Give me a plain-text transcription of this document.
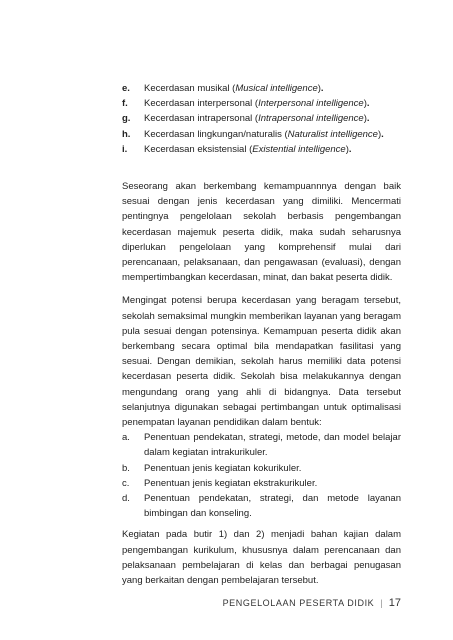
e. Kecerdasan musikal (Musical intelligence).
f. Kecerdasan interpersonal (Interpersonal intelligence).
g. Kecerdasan intrapersonal (Intrapersonal intelligence).
h. Kecerdasan lingkungan/naturalis (Naturalist intelligence).
i. Kecerdasan eksistensial (Existential intelligence).

Seseorang akan berkembang kemampuannnya dengan baik sesuai dengan jenis kecerdasan yang dimiliki. Mencermati pentingnya pengelolaan sekolah berbasis pengembangan kecerdasan majemuk peserta didik, maka sudah seharusnya diperlukan pengelolaan yang komprehensif mulai dari perencanaan, pelaksanaan, dan pengawasan (evaluasi), dengan mempertimbangkan kecerdasan, minat, dan bakat peserta didik.

Mengingat potensi berupa kecerdasan yang beragam tersebut, sekolah semaksimal mungkin memberikan layanan yang beragam pula sesuai dengan potensinya. Kemampuan peserta didik akan berkembang secara optimal bila mendapatkan fasilitasi yang sesuai. Dengan demikian, sekolah harus memiliki data potensi kecerdasan peserta didik. Sekolah bisa melakukannya dengan mengundang orang yang ahli di bidangnya. Data tersebut selanjutnya digunakan sebagai pertimbangan untuk optimalisasi penempatan layanan pendidikan dalam bentuk:

a. Penentuan pendekatan, strategi, metode, dan model belajar dalam kegiatan intrakurikuler.
b. Penentuan jenis kegiatan kokurikuler.
c. Penentuan jenis kegiatan ekstrakurikuler.
d. Penentuan pendekatan, strategi, dan metode layanan bimbingan dan konseling.

Kegiatan pada butir 1) dan 2) menjadi bahan kajian dalam pengembangan kurikulum, khususnya dalam perencanaan dan pelaksanaan pembelajaran di kelas dan berbagai penugasan yang berkaitan dengan pembelajaran tersebut.

PENGELOLAAN PESERTA DIDIK | 17
